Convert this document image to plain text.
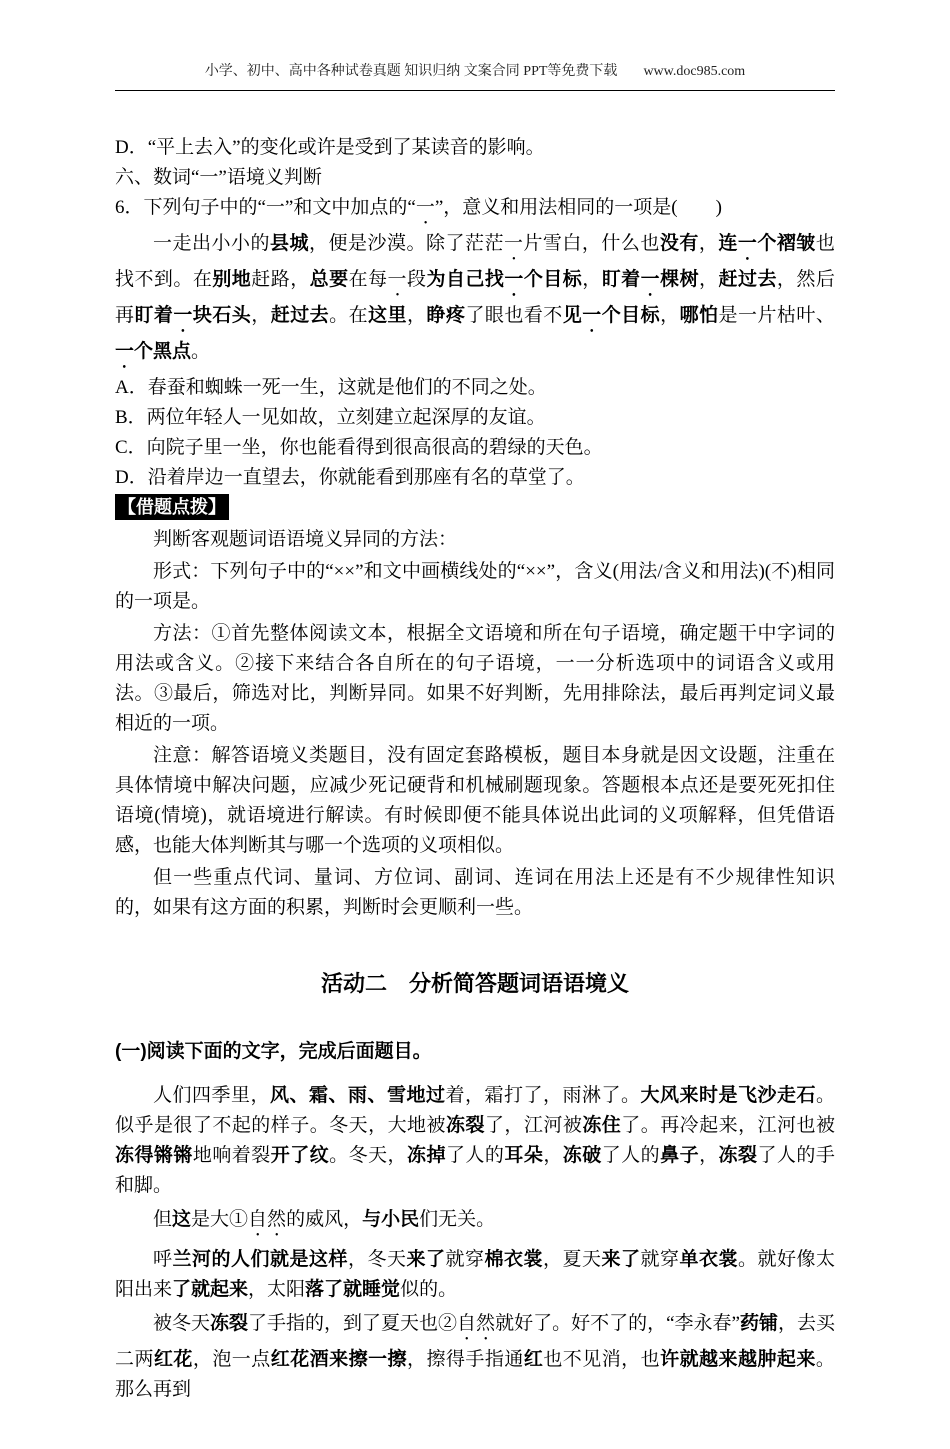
小学、初中、高中各种试卷真题 知识归纳 文案合同 PPT等免费下载 www.doc985.com

D．“平上去入”的变化或许是受到了某读音的影响。

六、数词“一”语境义判断

6．下列句子中的“一”和文中加点的“一”，意义和用法相同的一项是(　　)

一走出小小的县城，便是沙漠。除了茫茫一片雪白，什么也没有，连一个褶皱也找不到。在别地赶路，总要在每一段为自己找一个目标，盯着一棵树，赶过去，然后再盯着一块石头，赶过去。在这里，睁疼了眼也看不见一个目标，哪怕是一片枯叶、一个黑点。

A．春蚕和蜘蛛一死一生，这就是他们的不同之处。

B．两位年轻人一见如故，立刻建立起深厚的友谊。

C．向院子里一坐，你也能看得到很高很高的碧绿的天色。

D．沿着岸边一直望去，你就能看到那座有名的草堂了。

【借题点拨】

判断客观题词语语境义异同的方法：

形式：下列句子中的“××”和文中画横线处的“××”，含义(用法/含义和用法)(不)相同的一项是。

方法：①首先整体阅读文本，根据全文语境和所在句子语境，确定题干中字词的用法或含义。②接下来结合各自所在的句子语境，一一分析选项中的词语含义或用法。③最后，筛选对比，判断异同。如果不好判断，先用排除法，最后再判定词义最相近的一项。

注意：解答语境义类题目，没有固定套路模板，题目本身就是因文设题，注重在具体情境中解决问题，应减少死记硬背和机械刷题现象。答题根本点还是要死死扣住语境(情境)，就语境进行解读。有时候即便不能具体说出此词的义项解释，但凭借语感，也能大体判断其与哪一个选项的义项相似。

但一些重点代词、量词、方位词、副词、连词在用法上还是有不少规律性知识的，如果有这方面的积累，判断时会更顺利一些。

活动二　分析简答题词语语境义

(一)阅读下面的文字，完成后面题目。

人们四季里，风、霜、雨、雪地过着，霜打了，雨淋了。大风来时是飞沙走石。似乎是很了不起的样子。冬天，大地被冻裂了，江河被冻住了。再冷起来，江河也被冻得锵锵地响着裂开了纹。冬天，冻掉了人的耳朵，冻破了人的鼻子，冻裂了人的手和脚。

但这是大①自然的威风，与小民们无关。

呼兰河的人们就是这样，冬天来了就穿棉衣裳，夏天来了就穿单衣裳。就好像太阳出来了就起来，太阳落了就睡觉似的。

被冬天冻裂了手指的，到了夏天也②自然就好了。好不了的，“李永春”药铺，去买二两红花，泡一点红花酒来擦一擦，擦得手指通红也不见消，也许就越来越肿起来。那么再到
